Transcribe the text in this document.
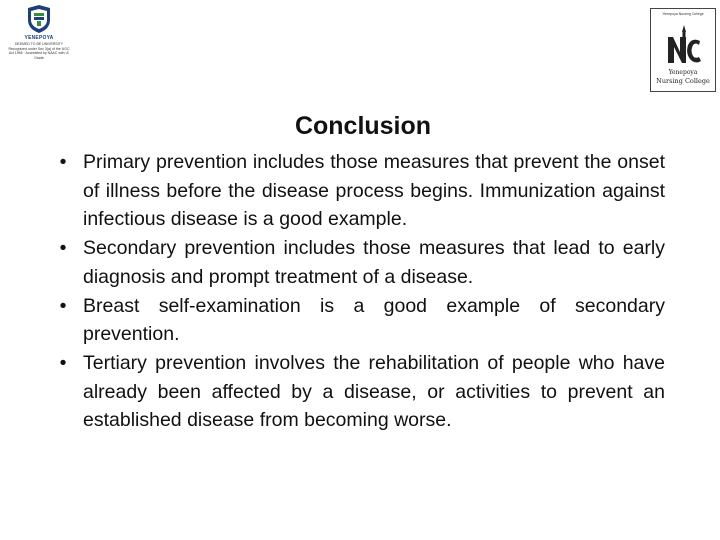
YENEPOYA
DEEMED TO BE UNIVERSITY
Recognized under Sec 3(a) of the UGC Act 1956 · Accredited by NAAC with 'A' Grade
Yenepoya Nursing College
Yenepoya
Nursing College
Conclusion
• Primary prevention includes those measures that prevent the onset of illness before the disease process begins. Immunization against infectious disease is a good example.
• Secondary prevention includes those measures that lead to early diagnosis and prompt treatment of a disease.
• Breast self-examination is a good example of secondary prevention.
• Tertiary prevention involves the rehabilitation of people who have already been affected by a disease, or activities to prevent an established disease from becoming worse.
